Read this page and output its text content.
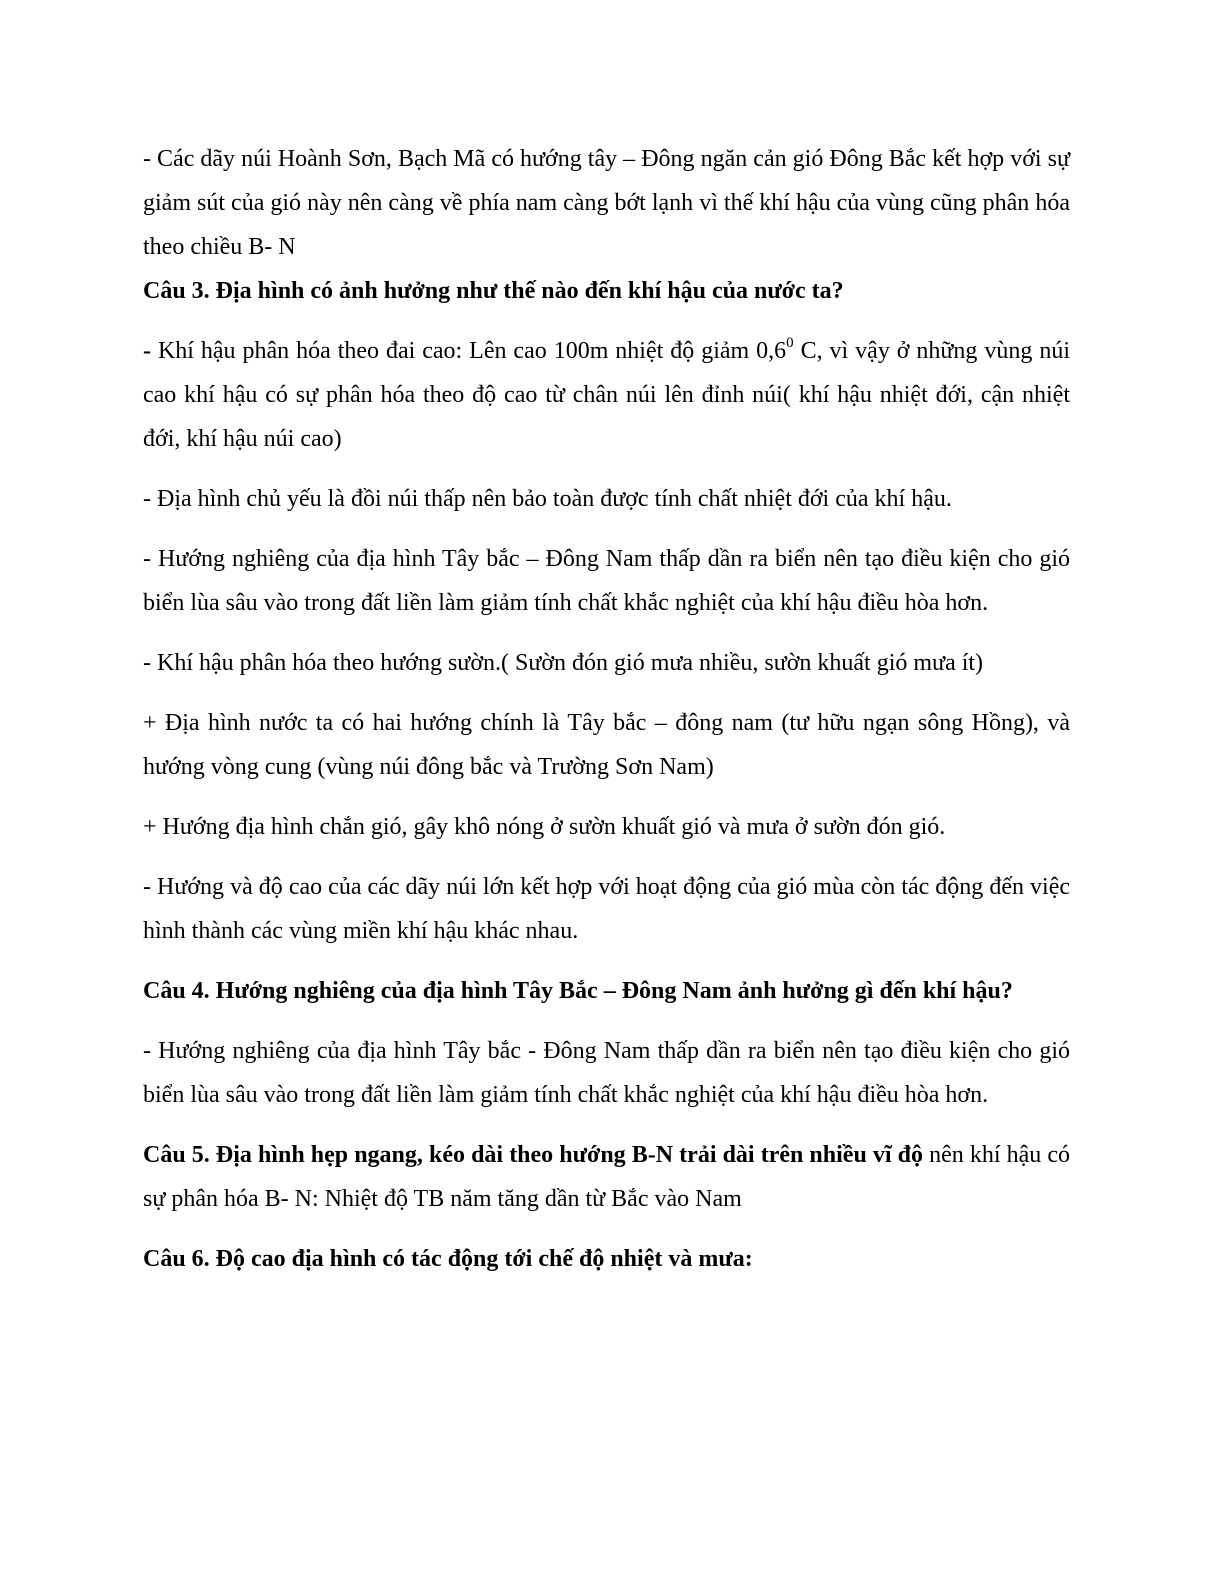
- Các dãy núi Hoành Sơn, Bạch Mã có hướng tây – Đông ngăn cản gió Đông Bắc kết hợp với sự giảm sút của gió này nên càng về phía nam càng bớt lạnh vì thế khí hậu của vùng cũng phân hóa theo chiều B- N

Câu 3. Địa hình có ảnh hưởng như thế nào đến khí hậu của nước ta?

- Khí hậu phân hóa theo đai cao: Lên cao 100m nhiệt độ giảm $0,6^0$ C, vì vậy ở những vùng núi cao khí hậu có sự phân hóa theo độ cao từ chân núi lên đỉnh núi( khí hậu nhiệt đới, cận nhiệt đới, khí hậu núi cao)

- Địa hình chủ yếu là đồi núi thấp nên bảo toàn được tính chất nhiệt đới của khí hậu.

- Hướng nghiêng của địa hình Tây bắc – Đông Nam thấp dần ra biển nên tạo điều kiện cho gió biển lùa sâu vào trong đất liền làm giảm tính chất khắc nghiệt của khí hậu điều hòa hơn.

- Khí hậu phân hóa theo hướng sườn.( Sườn đón gió mưa nhiều, sườn khuất gió mưa ít)

+ Địa hình nước ta có hai hướng chính là Tây bắc – đông nam (tư hữu ngạn sông Hồng), và hướng vòng cung (vùng núi đông bắc và Trường Sơn Nam)

+ Hướng địa hình chắn gió, gây khô nóng ở sườn khuất gió và mưa ở sườn đón gió.

- Hướng và độ cao của các dãy núi lớn kết hợp với hoạt động của gió mùa còn tác động đến việc hình thành các vùng miền khí hậu khác nhau.

Câu 4. Hướng nghiêng của địa hình Tây Bắc – Đông Nam ảnh hưởng gì đến khí hậu?

- Hướng nghiêng của địa hình Tây bắc - Đông Nam thấp dần ra biển nên tạo điều kiện cho gió biển lùa sâu vào trong đất liền làm giảm tính chất khắc nghiệt của khí hậu điều hòa hơn.

Câu 5. Địa hình hẹp ngang, kéo dài theo hướng B-N trải dài trên nhiều vĩ độ nên khí hậu có sự phân hóa B- N: Nhiệt độ TB năm tăng dần từ Bắc vào Nam

Câu 6. Độ cao địa hình có tác động tới chế độ nhiệt và mưa:
